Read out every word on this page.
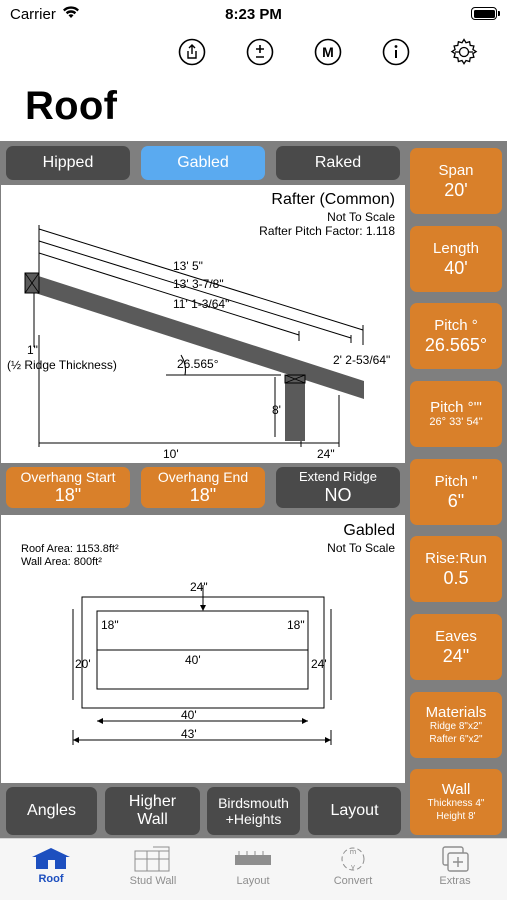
Carrier	8:23 PM
M
Roof
Hipped	Gabled	Raked
Rafter (Common)
Not To Scale
Rafter Pitch Factor: 1.118
13' 5"
13' 3-7/8"
11' 1-3/64"
1"
(½ Ridge Thickness)	26.565°	2' 2-53/64"
8'
10'	24"
Overhang Start
18"
Overhang End
18"
Extend Ridge
NO
Gabled
Not To Scale
Roof Area: 1153.8ft²
Wall Area: 800ft²
24"
18"	18"
20'	24'
40'
40'
43'
Angles
Higher
Wall
Birdsmouth
+Heights
Layout
Span
20'
Length
40'
Pitch °
26.565°
Pitch °'"
26° 33' 54"
Pitch "
6"
Rise:Run
0.5
Eaves
24"
Materials
Ridge 8"x2"
Rafter 6"x2"
Wall
Thickness 4"
Height 8'
Roof	Stud Wall	Layout
m
y
Convert	Extras
